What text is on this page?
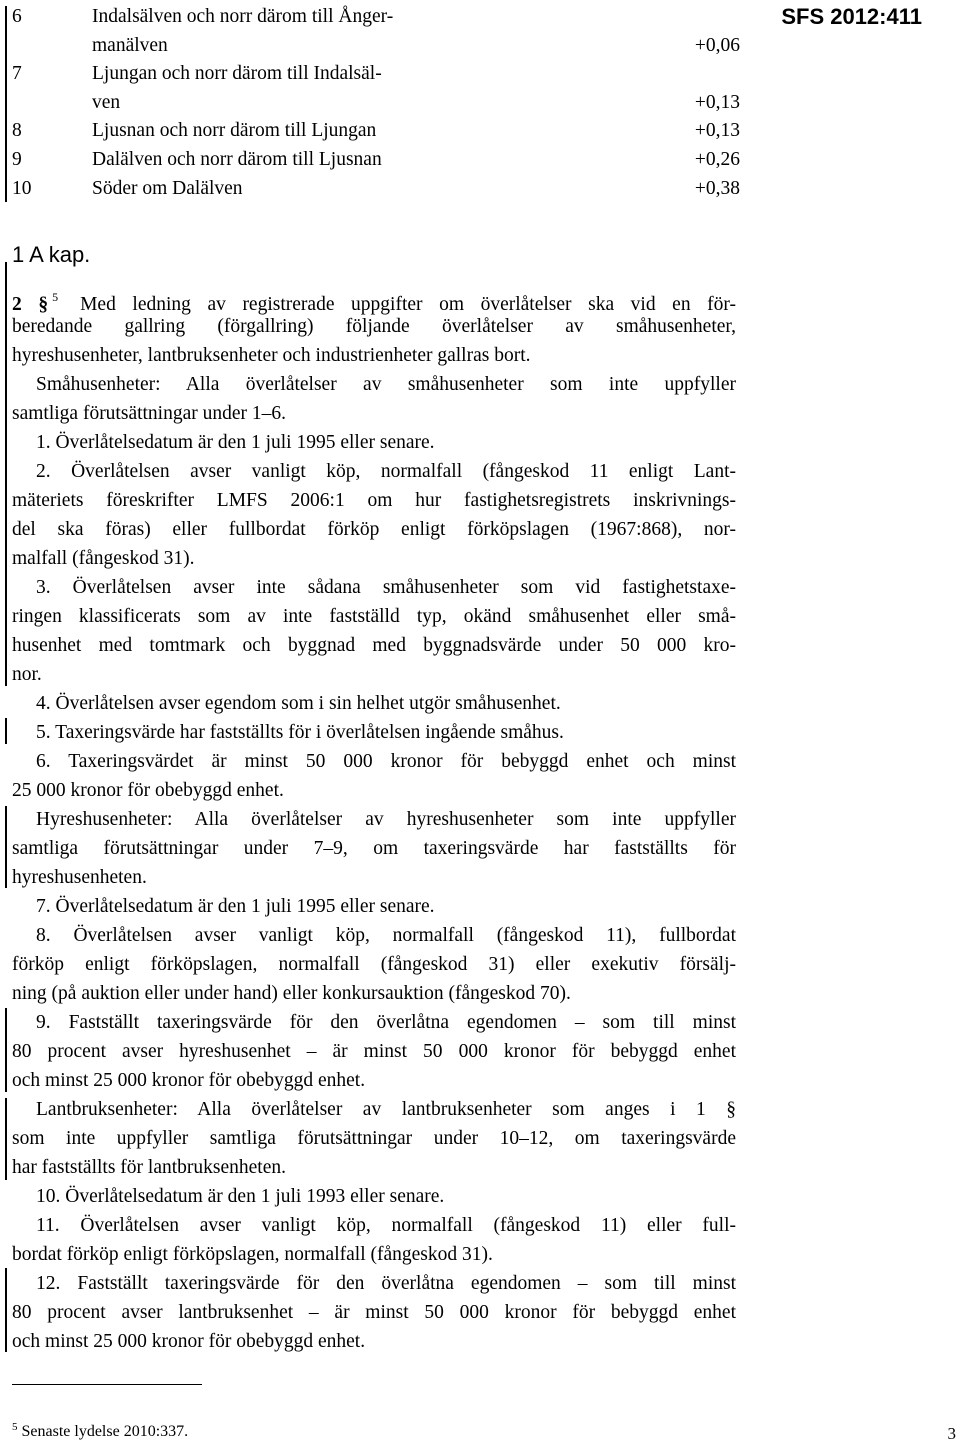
SFS 2012:411
6	Indalsälven och norr därom till Ånger-
manälven	+0,06
7	Ljungan och norr därom till Indalsäl-
ven	+0,13
8	Ljusnan och norr därom till Ljungan	+0,13
9	Dalälven och norr därom till Ljusnan	+0,26
10	Söder om Dalälven	+0,38
1 A kap.
2 § $^5$ Med ledning av registrerade uppgifter om överlåtelser ska vid en för-
beredande gallring (förgallring) följande överlåtelser av småhusenheter,
hyreshusenheter, lantbruksenheter och industrienheter gallras bort.
Småhusenheter: Alla överlåtelser av småhusenheter som inte uppfyller
samtliga förutsättningar under 1–6.
1. Överlåtelsedatum är den 1 juli 1995 eller senare.
2. Överlåtelsen avser vanligt köp, normalfall (fångeskod 11 enligt Lant-
mäteriets föreskrifter LMFS 2006:1 om hur fastighetsregistrets inskrivnings-
del ska föras) eller fullbordat förköp enligt förköpslagen (1967:868), nor-
malfall (fångeskod 31).
3. Överlåtelsen avser inte sådana småhusenheter som vid fastighetstaxe-
ringen klassificerats som av inte fastställd typ, okänd småhusenhet eller små-
husenhet med tomtmark och byggnad med byggnadsvärde under 50 000 kro-
nor.
4. Överlåtelsen avser egendom som i sin helhet utgör småhusenhet.
5. Taxeringsvärde har fastställts för i överlåtelsen ingående småhus.
6. Taxeringsvärdet är minst 50 000 kronor för bebyggd enhet och minst
25 000 kronor för obebyggd enhet.
Hyreshusenheter: Alla överlåtelser av hyreshusenheter som inte uppfyller
samtliga förutsättningar under 7–9, om taxeringsvärde har fastställts för
hyreshusenheten.
7. Överlåtelsedatum är den 1 juli 1995 eller senare.
8. Överlåtelsen avser vanligt köp, normalfall (fångeskod 11), fullbordat
förköp enligt förköpslagen, normalfall (fångeskod 31) eller exekutiv försälj-
ning (på auktion eller under hand) eller konkursauktion (fångeskod 70).
9. Fastställt taxeringsvärde för den överlåtna egendomen – som till minst
80 procent avser hyreshusenhet – är minst 50 000 kronor för bebyggd enhet
och minst 25 000 kronor för obebyggd enhet.
Lantbruksenheter: Alla överlåtelser av lantbruksenheter som anges i 1 §
som inte uppfyller samtliga förutsättningar under 10–12, om taxeringsvärde
har fastställts för lantbruksenheten.
10. Överlåtelsedatum är den 1 juli 1993 eller senare.
11. Överlåtelsen avser vanligt köp, normalfall (fångeskod 11) eller full-
bordat förköp enligt förköpslagen, normalfall (fångeskod 31).
12. Fastställt taxeringsvärde för den överlåtna egendomen – som till minst
80 procent avser lantbruksenhet – är minst 50 000 kronor för bebyggd enhet
och minst 25 000 kronor för obebyggd enhet.
$^5$ Senaste lydelse 2010:337.	3
